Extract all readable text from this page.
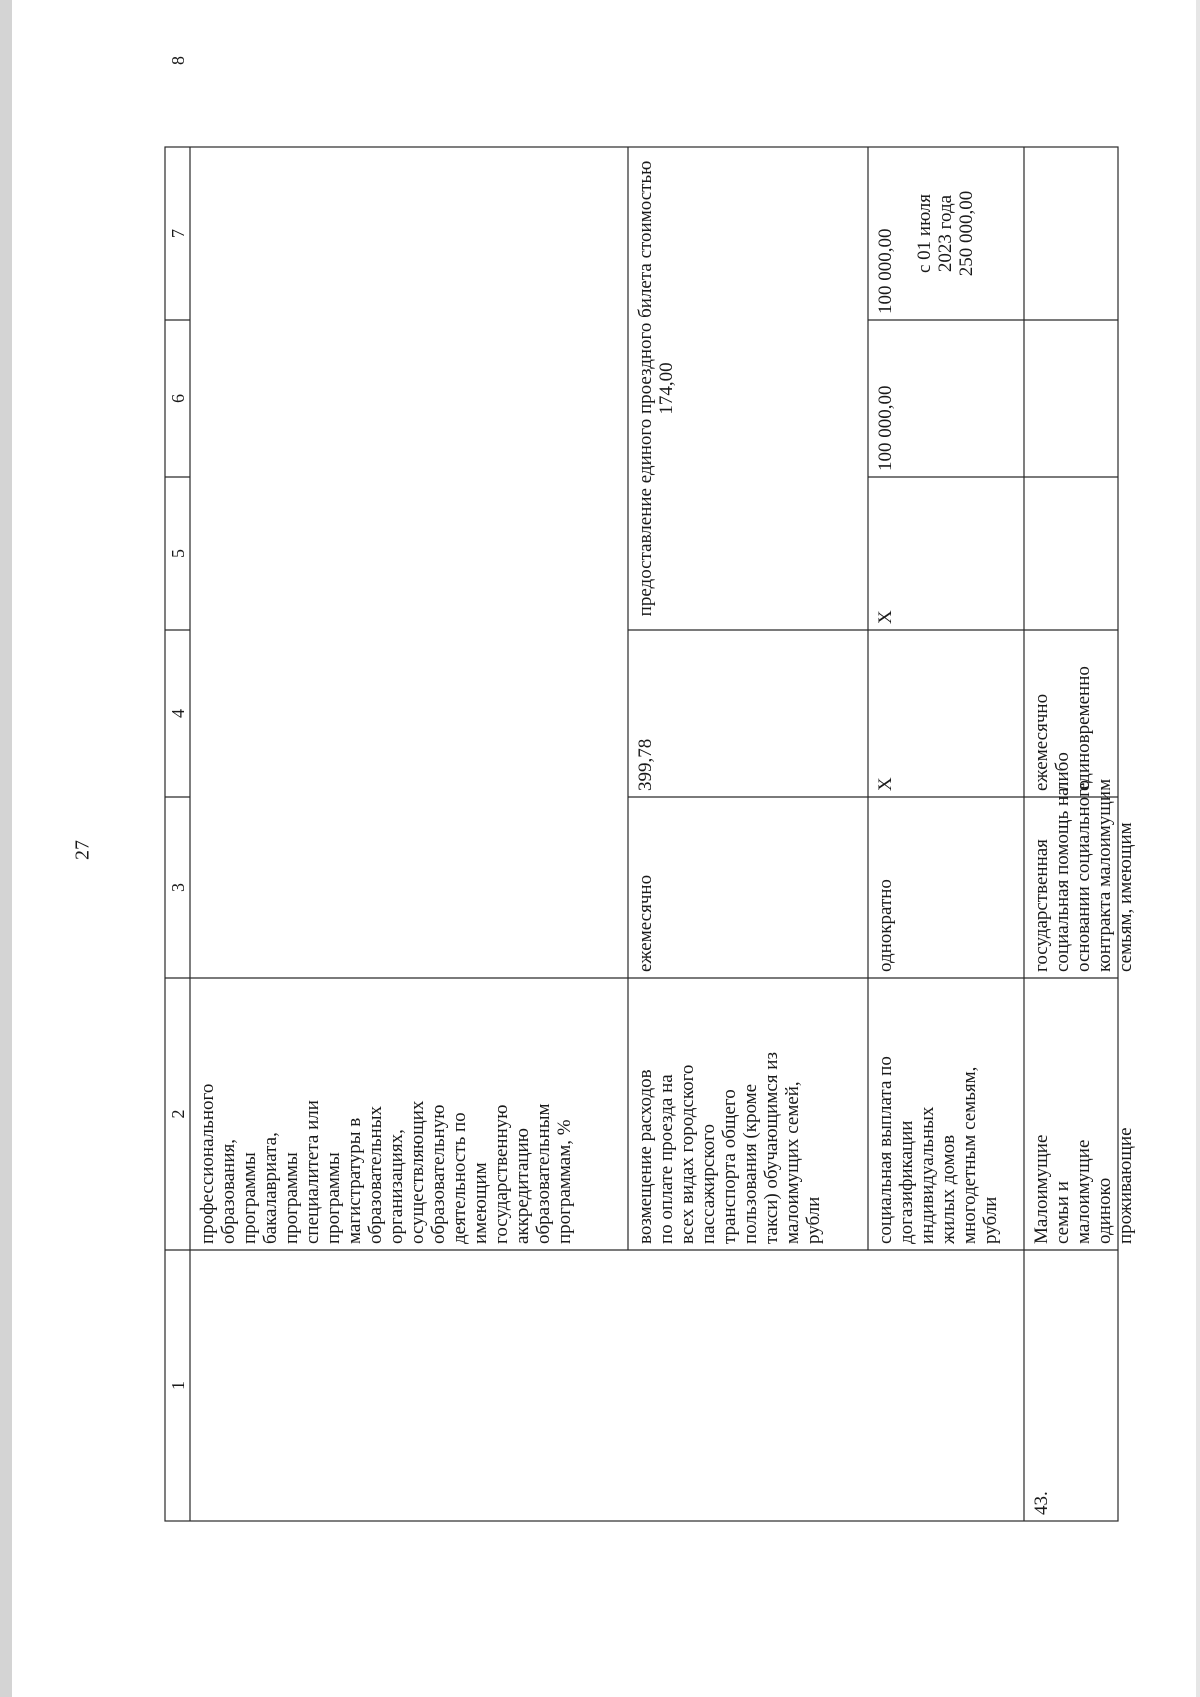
27
1
2
3
4
5
6
7
8
профессионального
образования,
программы
бакалавриата,
программы
специалитета или
программы
магистратуры в
образовательных
организациях,
осуществляющих
образовательную
деятельность по
имеющим
государственную
аккредитацию
образовательным
программам, %
возмещение расходов
по оплате проезда на
всех видах городского
пассажирского
транспорта общего
пользования (кроме
такси) обучающимся из
малоимущих семей,
рубли
ежемесячно
399,78
предоставление единого проездного билета стоимостью 174,00
социальная выплата по
догазификации
индивидуальных
жилых домов
многодетным семьям,
рубли
однократно
Х
Х
100 000,00
100 000,00 с 01 июля
2023 года
250 000,00
43.
Малоимущие
семьи и
малоимущие
одиноко
проживающие
государственная
социальная помощь на
основании социального
контракта малоимущим
семьям, имеющим
ежемесячно
либо
единовременно
